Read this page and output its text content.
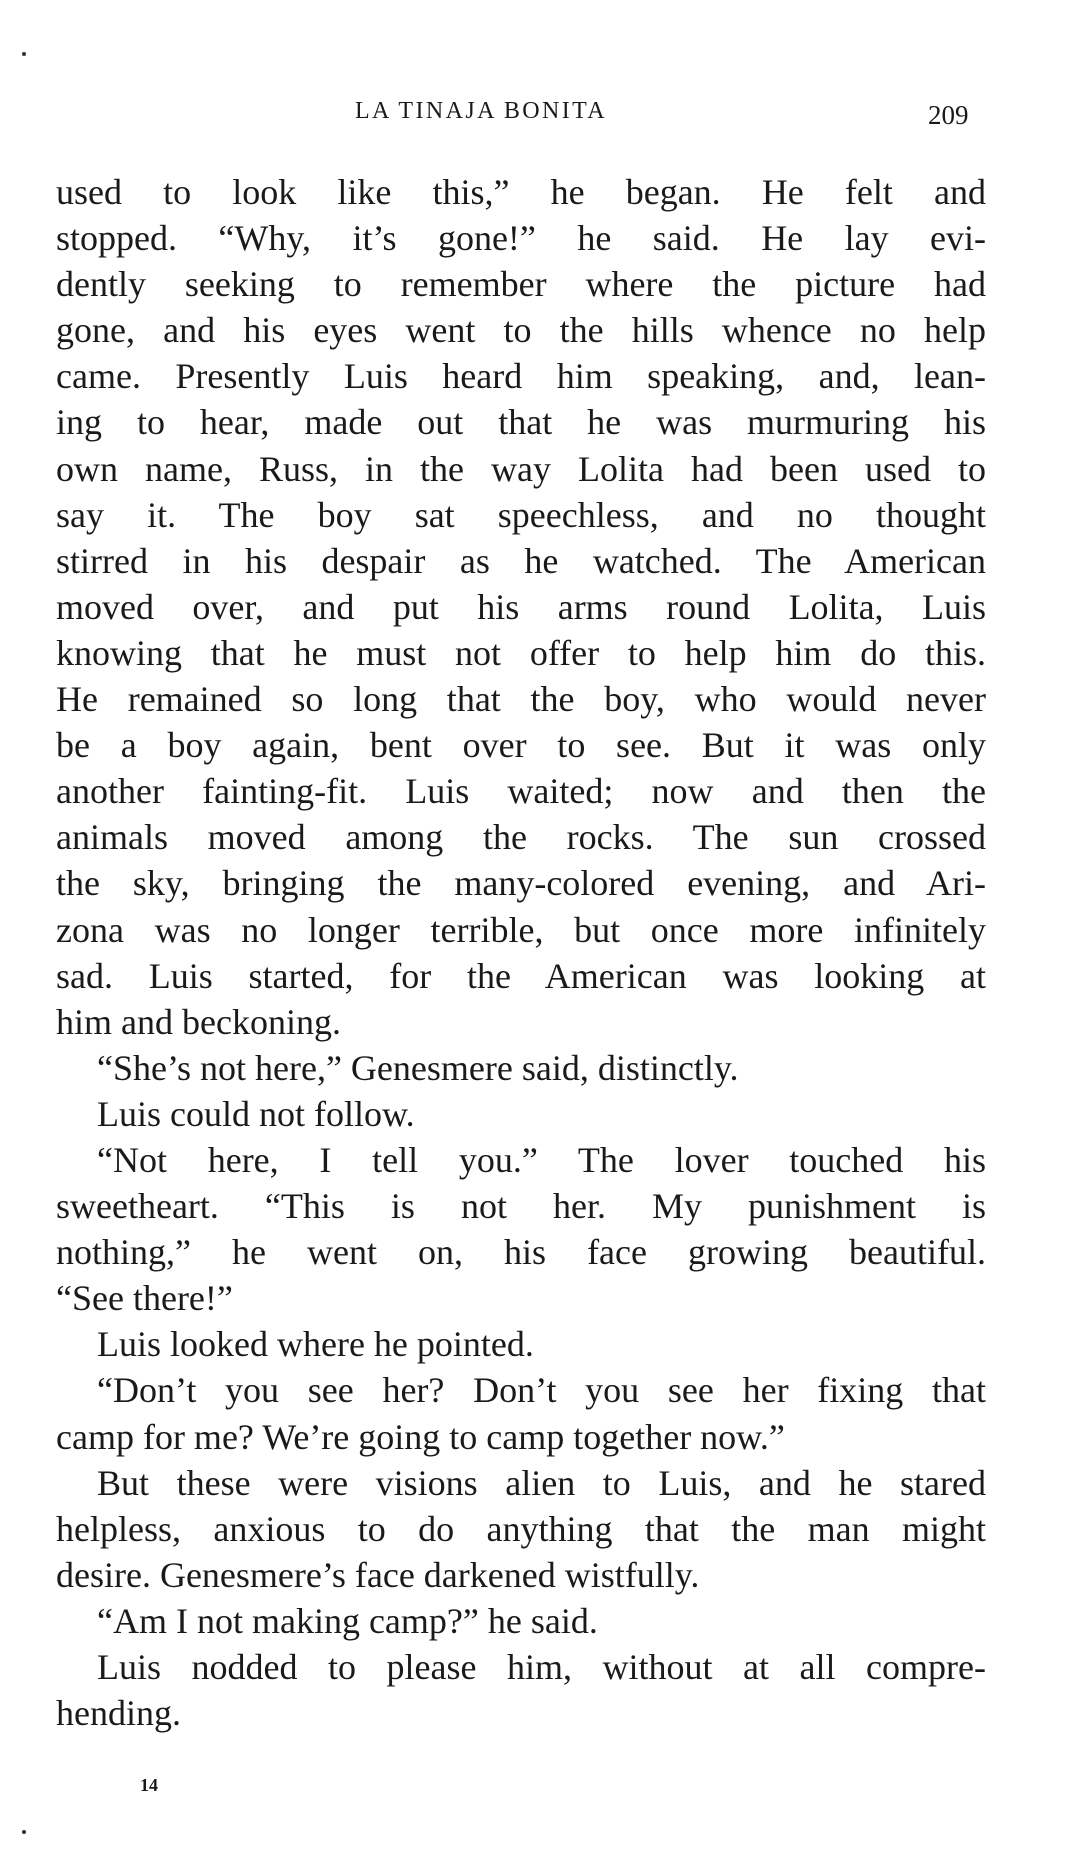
LA TINAJA BONITA	209
used to look like this,” he began. He felt and
stopped. “Why, it’s gone!” he said. He lay evi-
dently seeking to remember where the picture had
gone, and his eyes went to the hills whence no help
came. Presently Luis heard him speaking, and, lean-
ing to hear, made out that he was murmuring his
own name, Russ, in the way Lolita had been used to
say it. The boy sat speechless, and no thought
stirred in his despair as he watched. The American
moved over, and put his arms round Lolita, Luis
knowing that he must not offer to help him do this.
He remained so long that the boy, who would never
be a boy again, bent over to see. But it was only
another fainting-fit. Luis waited; now and then the
animals moved among the rocks. The sun crossed
the sky, bringing the many-colored evening, and Ari-
zona was no longer terrible, but once more infinitely
sad. Luis started, for the American was looking at
him and beckoning.
“She’s not here,” Genesmere said, distinctly.
Luis could not follow.
“Not here, I tell you.” The lover touched his
sweetheart. “This is not her. My punishment is
nothing,” he went on, his face growing beautiful.
“See there!”
Luis looked where he pointed.
“Don’t you see her? Don’t you see her fixing that
camp for me? We’re going to camp together now.”
But these were visions alien to Luis, and he stared
helpless, anxious to do anything that the man might
desire. Genesmere’s face darkened wistfully.
“Am I not making camp?” he said.
Luis nodded to please him, without at all compre-
hending.
14
